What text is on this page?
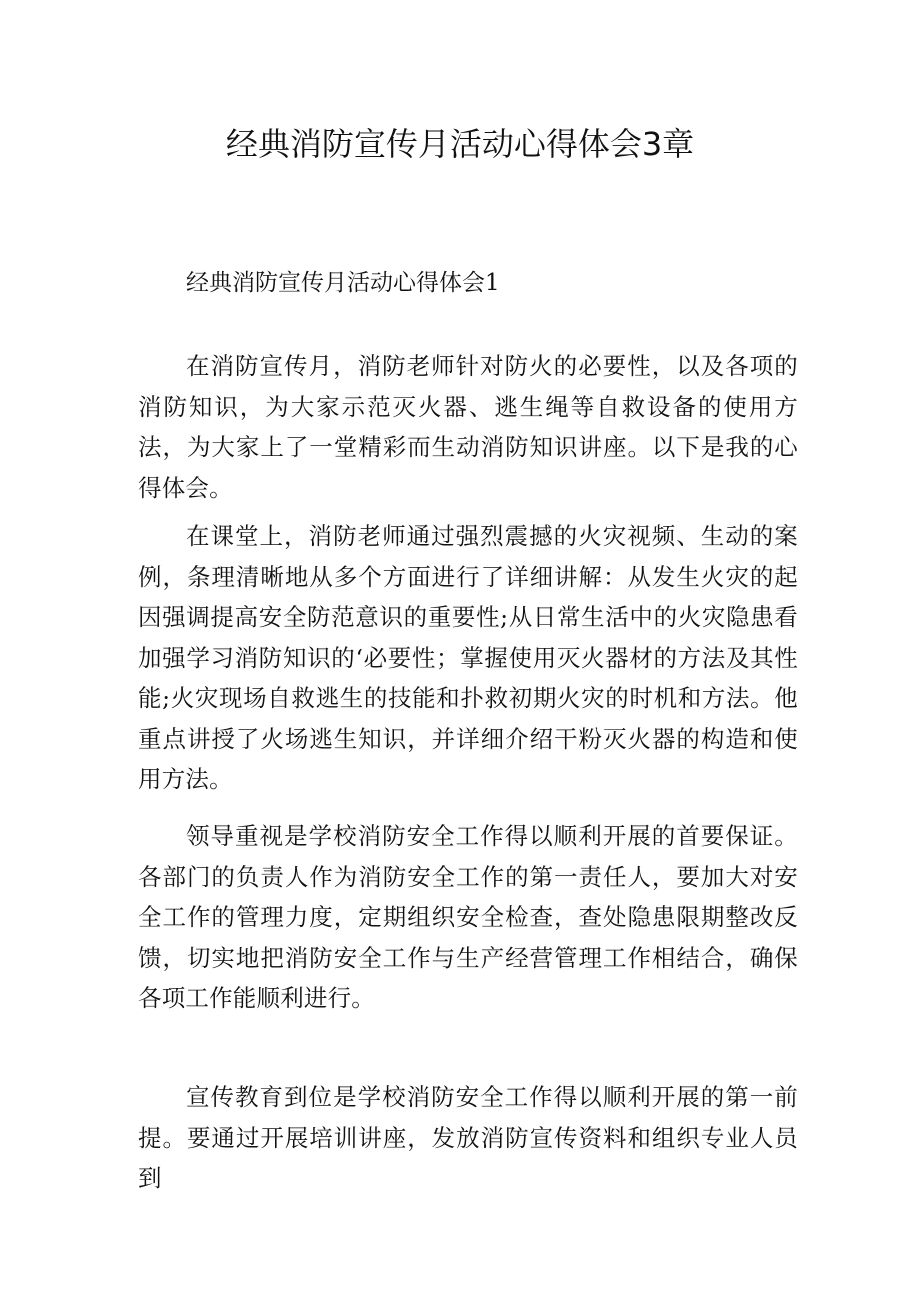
经典消防宣传月活动心得体会3章

经典消防宣传月活动心得体会1

在消防宣传月，消防老师针对防火的必要性，以及各项的消防知识，为大家示范灭火器、逃生绳等自救设备的使用方法，为大家上了一堂精彩而生动消防知识讲座。以下是我的心得体会。

在课堂上，消防老师通过强烈震撼的火灾视频、生动的案例，条理清晰地从多个方面进行了详细讲解：从发生火灾的起因强调提高安全防范意识的重要性;从日常生活中的火灾隐患看加强学习消防知识的‘必要性；掌握使用灭火器材的方法及其性能;火灾现场自救逃生的技能和扑救初期火灾的时机和方法。他重点讲授了火场逃生知识，并详细介绍干粉灭火器的构造和使用方法。

领导重视是学校消防安全工作得以顺利开展的首要保证。各部门的负责人作为消防安全工作的第一责任人，要加大对安全工作的管理力度，定期组织安全检查，查处隐患限期整改反馈，切实地把消防安全工作与生产经营管理工作相结合，确保各项工作能顺利进行。

宣传教育到位是学校消防安全工作得以顺利开展的第一前提。要通过开展培训讲座，发放消防宣传资料和组织专业人员到
